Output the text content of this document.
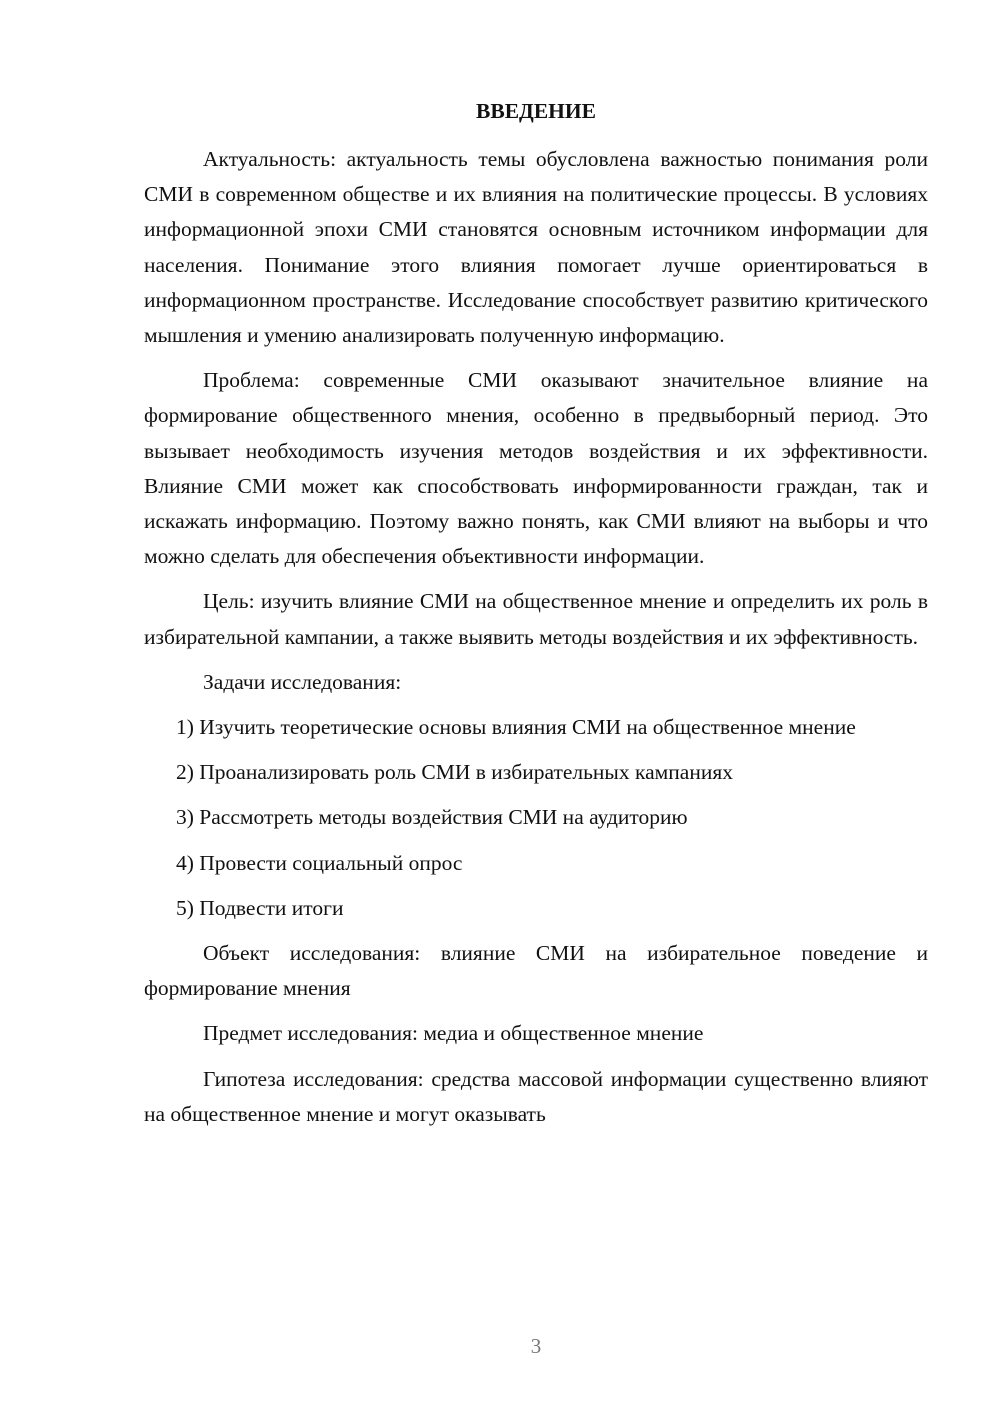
ВВЕДЕНИЕ

Актуальность: актуальность темы обусловлена важностью понимания роли СМИ в современном обществе и их влияния на политические процессы. В условиях информационной эпохи СМИ становятся основным источником информации для населения. Понимание этого влияния помогает лучше ориентироваться в информационном пространстве. Исследование способствует развитию критического мышления и умению анализировать полученную информацию.

Проблема: современные СМИ оказывают значительное влияние на формирование общественного мнения, особенно в предвыборный период. Это вызывает необходимость изучения методов воздействия и их эффективности. Влияние СМИ может как способствовать информированности граждан, так и искажать информацию. Поэтому важно понять, как СМИ влияют на выборы и что можно сделать для обеспечения объективности информации.

Цель: изучить влияние СМИ на общественное мнение и определить их роль в избирательной кампании, а также выявить методы воздействия и их эффективность.

Задачи исследования:

1) Изучить теоретические основы влияния СМИ на общественное мнение

2) Проанализировать роль СМИ в избирательных кампаниях

3) Рассмотреть методы воздействия СМИ на аудиторию

4) Провести социальный опрос

5) Подвести итоги

Объект исследования: влияние СМИ на избирательное поведение и формирование мнения

Предмет исследования: медиа и общественное мнение

Гипотеза исследования: средства массовой информации существенно влияют на общественное мнение и могут оказывать

3
